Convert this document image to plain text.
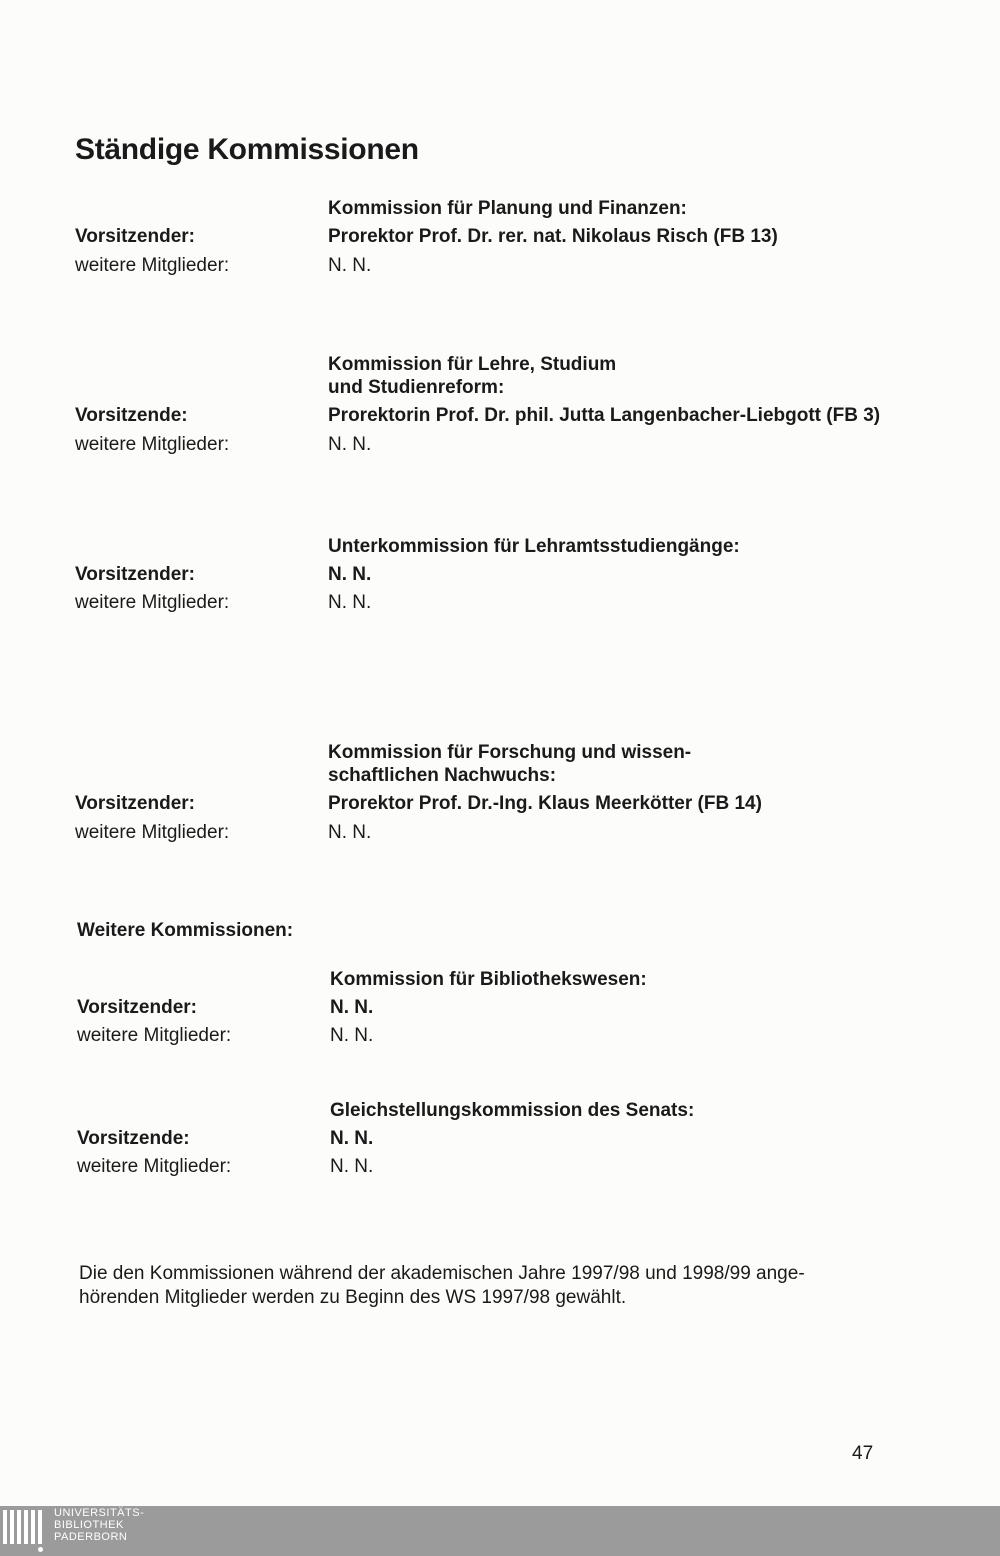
Ständige Kommissionen
Kommission für Planung und Finanzen:
Vorsitzender:	Prorektor Prof. Dr. rer. nat. Nikolaus Risch (FB 13)
weitere Mitglieder:	N. N.
Kommission für Lehre, Studium
und Studienreform:
Vorsitzende:	Prorektorin Prof. Dr. phil. Jutta Langenbacher-Liebgott (FB 3)
weitere Mitglieder:	N. N.
Unterkommission für Lehramtsstudiengänge:
Vorsitzender:	N. N.
weitere Mitglieder:	N. N.
Kommission für Forschung und wissen-
schaftlichen Nachwuchs:
Vorsitzender:	Prorektor Prof. Dr.-Ing. Klaus Meerkötter (FB 14)
weitere Mitglieder:	N. N.
Weitere Kommissionen:
Kommission für Bibliothekswesen:
Vorsitzender:	N. N.
weitere Mitglieder:	N. N.
Gleichstellungskommission des Senats:
Vorsitzende:	N. N.
weitere Mitglieder:	N. N.
Die den Kommissionen während der akademischen Jahre 1997/98 und 1998/99 ange-
hörenden Mitglieder werden zu Beginn des WS 1997/98 gewählt.
47
UNIVERSITÄTS-
BIBLIOTHEK
PADERBORN
